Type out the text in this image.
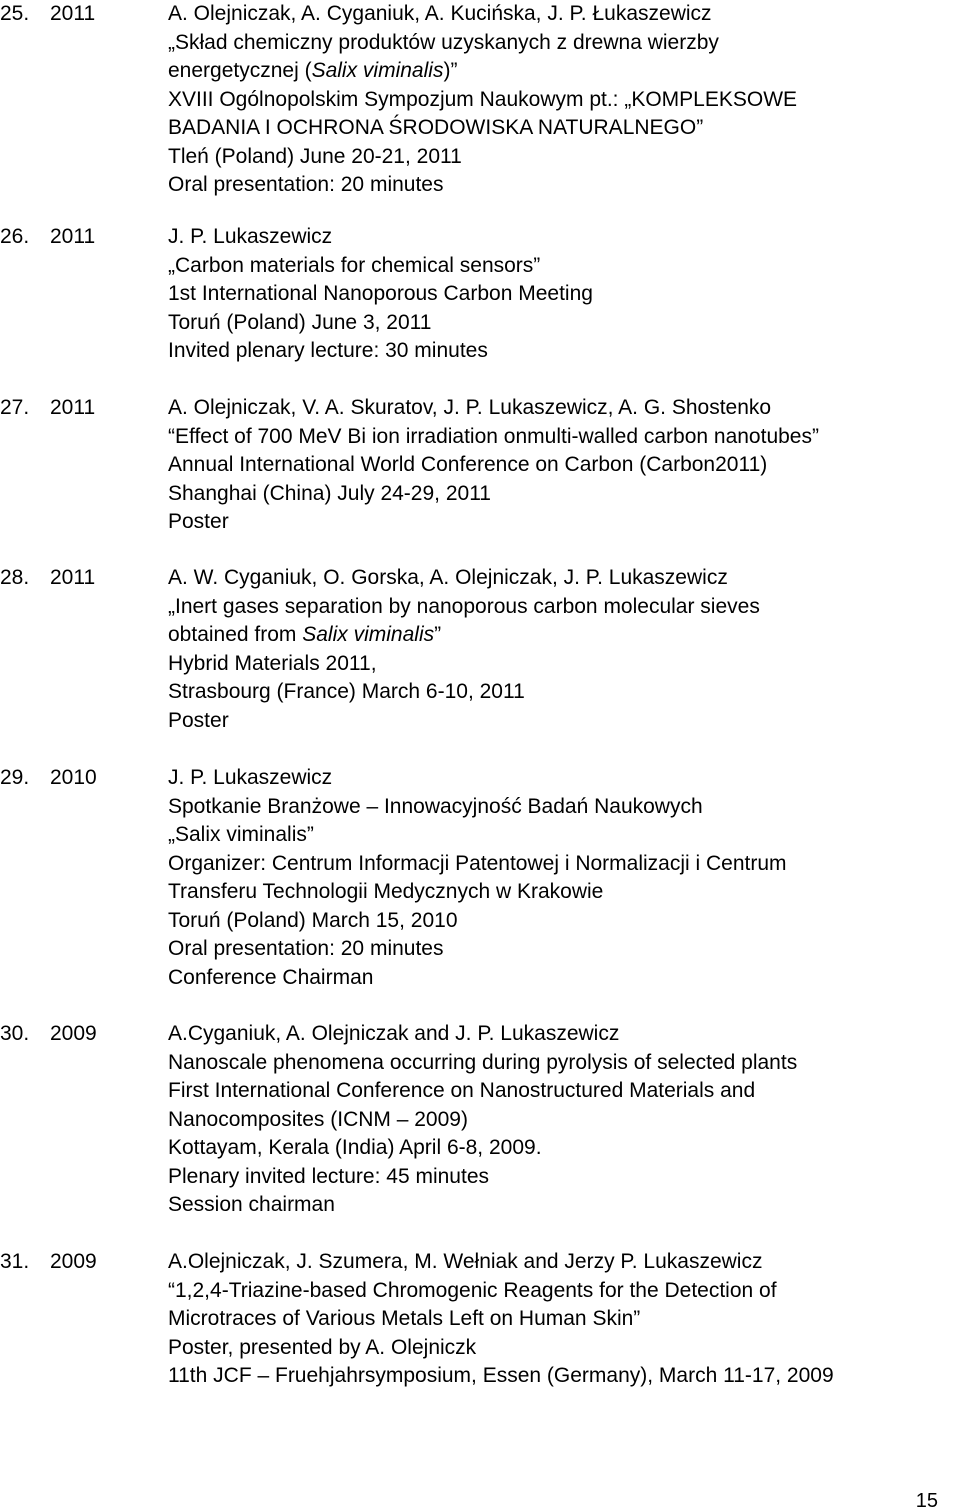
25. 2011	A. Olejniczak, A. Cyganiuk, A. Kucińska, J. P. Łukaszewicz
„Skład chemiczny produktów uzyskanych z drewna wierzby
energetycznej (Salix viminalis)”
XVIII Ogólnopolskim Sympozjum Naukowym pt.: „KOMPLEKSOWE
BADANIA I OCHRONA ŚRODOWISKA NATURALNEGO”
Tleń (Poland) June 20-21, 2011
Oral presentation: 20 minutes
26. 2011	J. P. Lukaszewicz
„Carbon materials for chemical sensors”
1st International Nanoporous Carbon Meeting
Toruń (Poland) June 3, 2011
Invited plenary lecture: 30 minutes
27. 2011	A. Olejniczak, V. A. Skuratov, J. P. Lukaszewicz, A. G. Shostenko
“Effect of 700 MeV Bi ion irradiation onmulti-walled carbon nanotubes”
Annual International World Conference on Carbon (Carbon2011)
Shanghai (China) July 24-29, 2011
Poster
28. 2011	A. W. Cyganiuk, O. Gorska, A. Olejniczak, J. P. Lukaszewicz
„Inert gases separation by nanoporous carbon molecular sieves
obtained from Salix viminalis”
Hybrid Materials 2011,
Strasbourg (France) March 6-10, 2011
Poster
29. 2010	J. P. Lukaszewicz
Spotkanie Branżowe – Innowacyjność Badań Naukowych
„Salix viminalis”
Organizer: Centrum Informacji Patentowej i Normalizacji i Centrum
Transferu Technologii Medycznych w Krakowie
Toruń (Poland) March 15, 2010
Oral presentation: 20 minutes
Conference Chairman
30. 2009	A.Cyganiuk, A. Olejniczak and J. P. Lukaszewicz
Nanoscale phenomena occurring during pyrolysis of selected plants
First International Conference on Nanostructured Materials and
Nanocomposites (ICNM – 2009)
Kottayam, Kerala (India) April 6-8, 2009.
Plenary invited lecture: 45 minutes
Session chairman
31. 2009	A.Olejniczak, J. Szumera, M. Wełniak and Jerzy P. Lukaszewicz
“1,2,4-Triazine-based Chromogenic Reagents for the Detection of
Microtraces of Various Metals Left on Human Skin”
Poster, presented by A. Olejniczk
11th JCF – Fruehjahrsymposium, Essen (Germany), March 11-17, 2009
15
